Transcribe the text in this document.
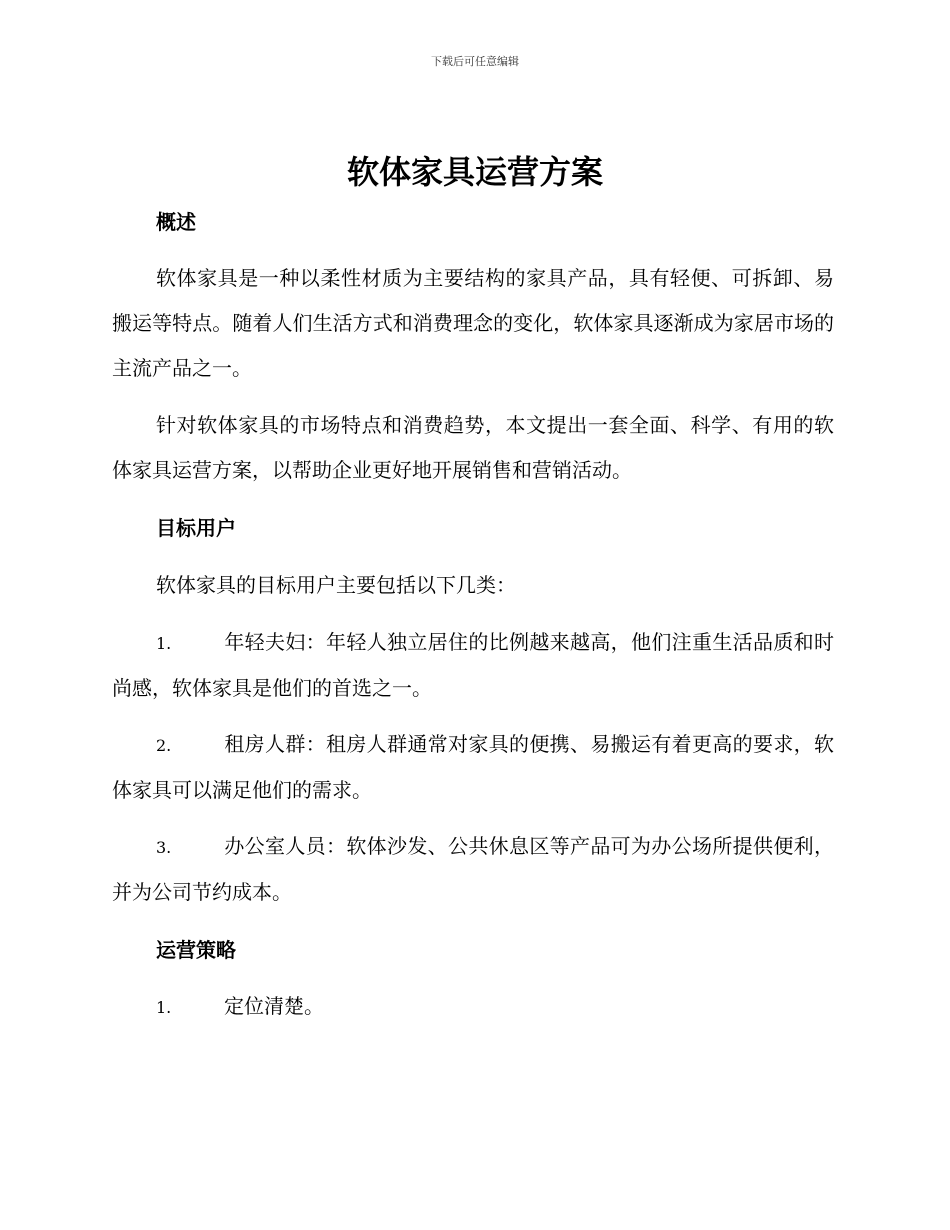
下载后可任意编辑
软体家具运营方案
概述

软体家具是一种以柔性材质为主要结构的家具产品，具有轻便、可拆卸、易搬运等特点。随着人们生活方式和消费理念的变化，软体家具逐渐成为家居市场的主流产品之一。

针对软体家具的市场特点和消费趋势，本文提出一套全面、科学、有用的软体家具运营方案，以帮助企业更好地开展销售和营销活动。

目标用户

软体家具的目标用户主要包括以下几类：

1.	年轻夫妇：年轻人独立居住的比例越来越高，他们注重生活品质和时尚感，软体家具是他们的首选之一。

2.	租房人群：租房人群通常对家具的便携、易搬运有着更高的要求，软体家具可以满足他们的需求。

3.	办公室人员：软体沙发、公共休息区等产品可为办公场所提供便利，并为公司节约成本。

运营策略

1.	定位清楚。
